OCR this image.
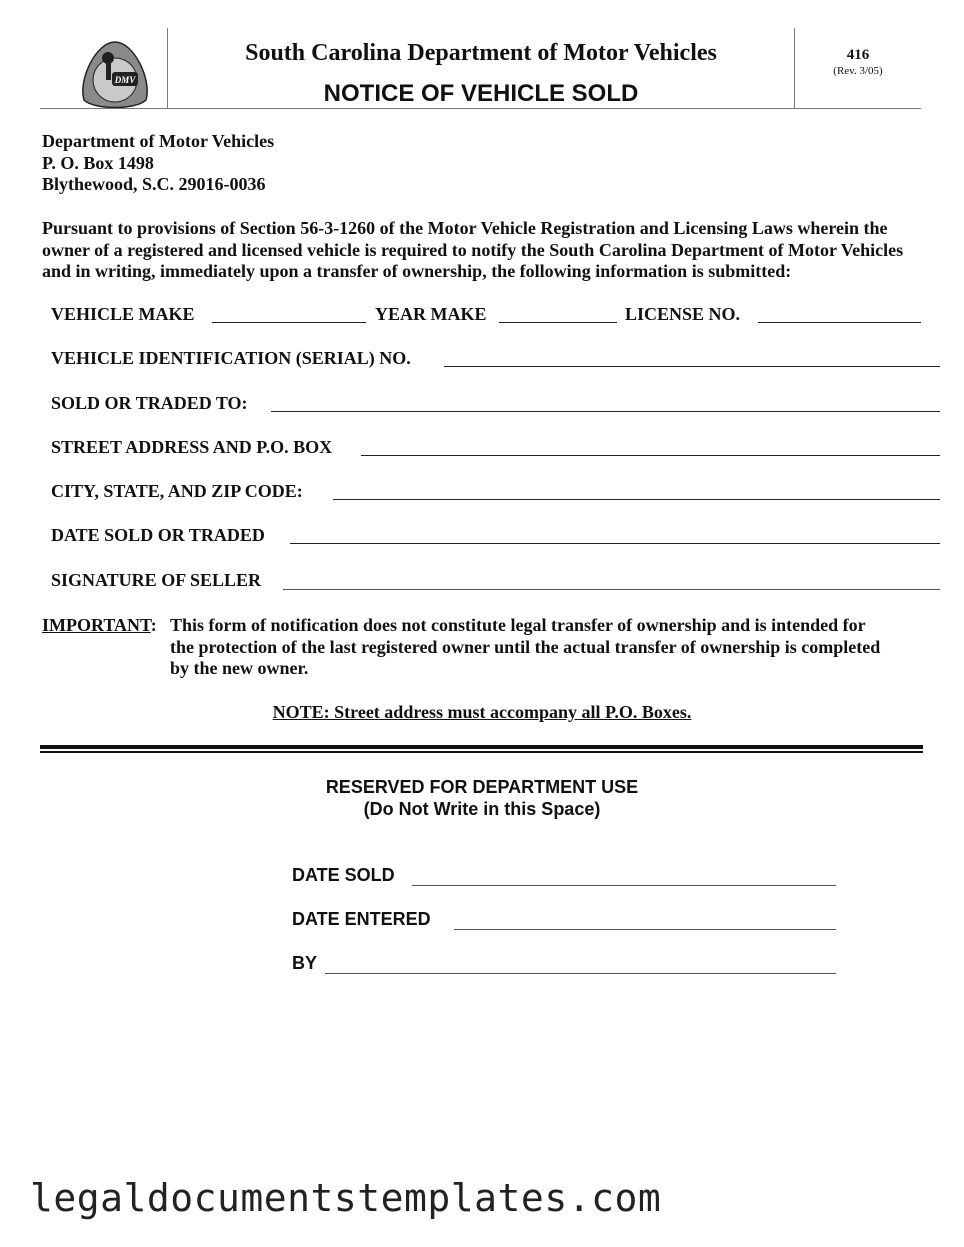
DMV
South Carolina Department of Motor Vehicles
NOTICE OF VEHICLE SOLD
416
(Rev. 3/05)
Department of Motor Vehicles
P. O. Box 1498
Blythewood, S.C. 29016-0036
Pursuant to provisions of Section 56-3-1260 of the Motor Vehicle Registration and Licensing Laws wherein the owner of a registered and licensed vehicle is required to notify the South Carolina Department of Motor Vehicles and in writing, immediately upon a transfer of ownership, the following information is submitted:
VEHICLE MAKE	YEAR MAKE	LICENSE NO.
VEHICLE IDENTIFICATION (SERIAL) NO.
SOLD OR TRADED TO:
STREET ADDRESS AND P.O. BOX
CITY, STATE, AND ZIP CODE:
DATE SOLD OR TRADED
SIGNATURE OF SELLER
IMPORTANT: This form of notification does not constitute legal transfer of ownership and is intended for
the protection of the last registered owner until the actual transfer of ownership is completed
by the new owner.
NOTE: Street address must accompany all P.O. Boxes.
RESERVED FOR DEPARTMENT USE
(Do Not Write in this Space)
DATE SOLD
DATE ENTERED
BY
legaldocumentstemplates.com
